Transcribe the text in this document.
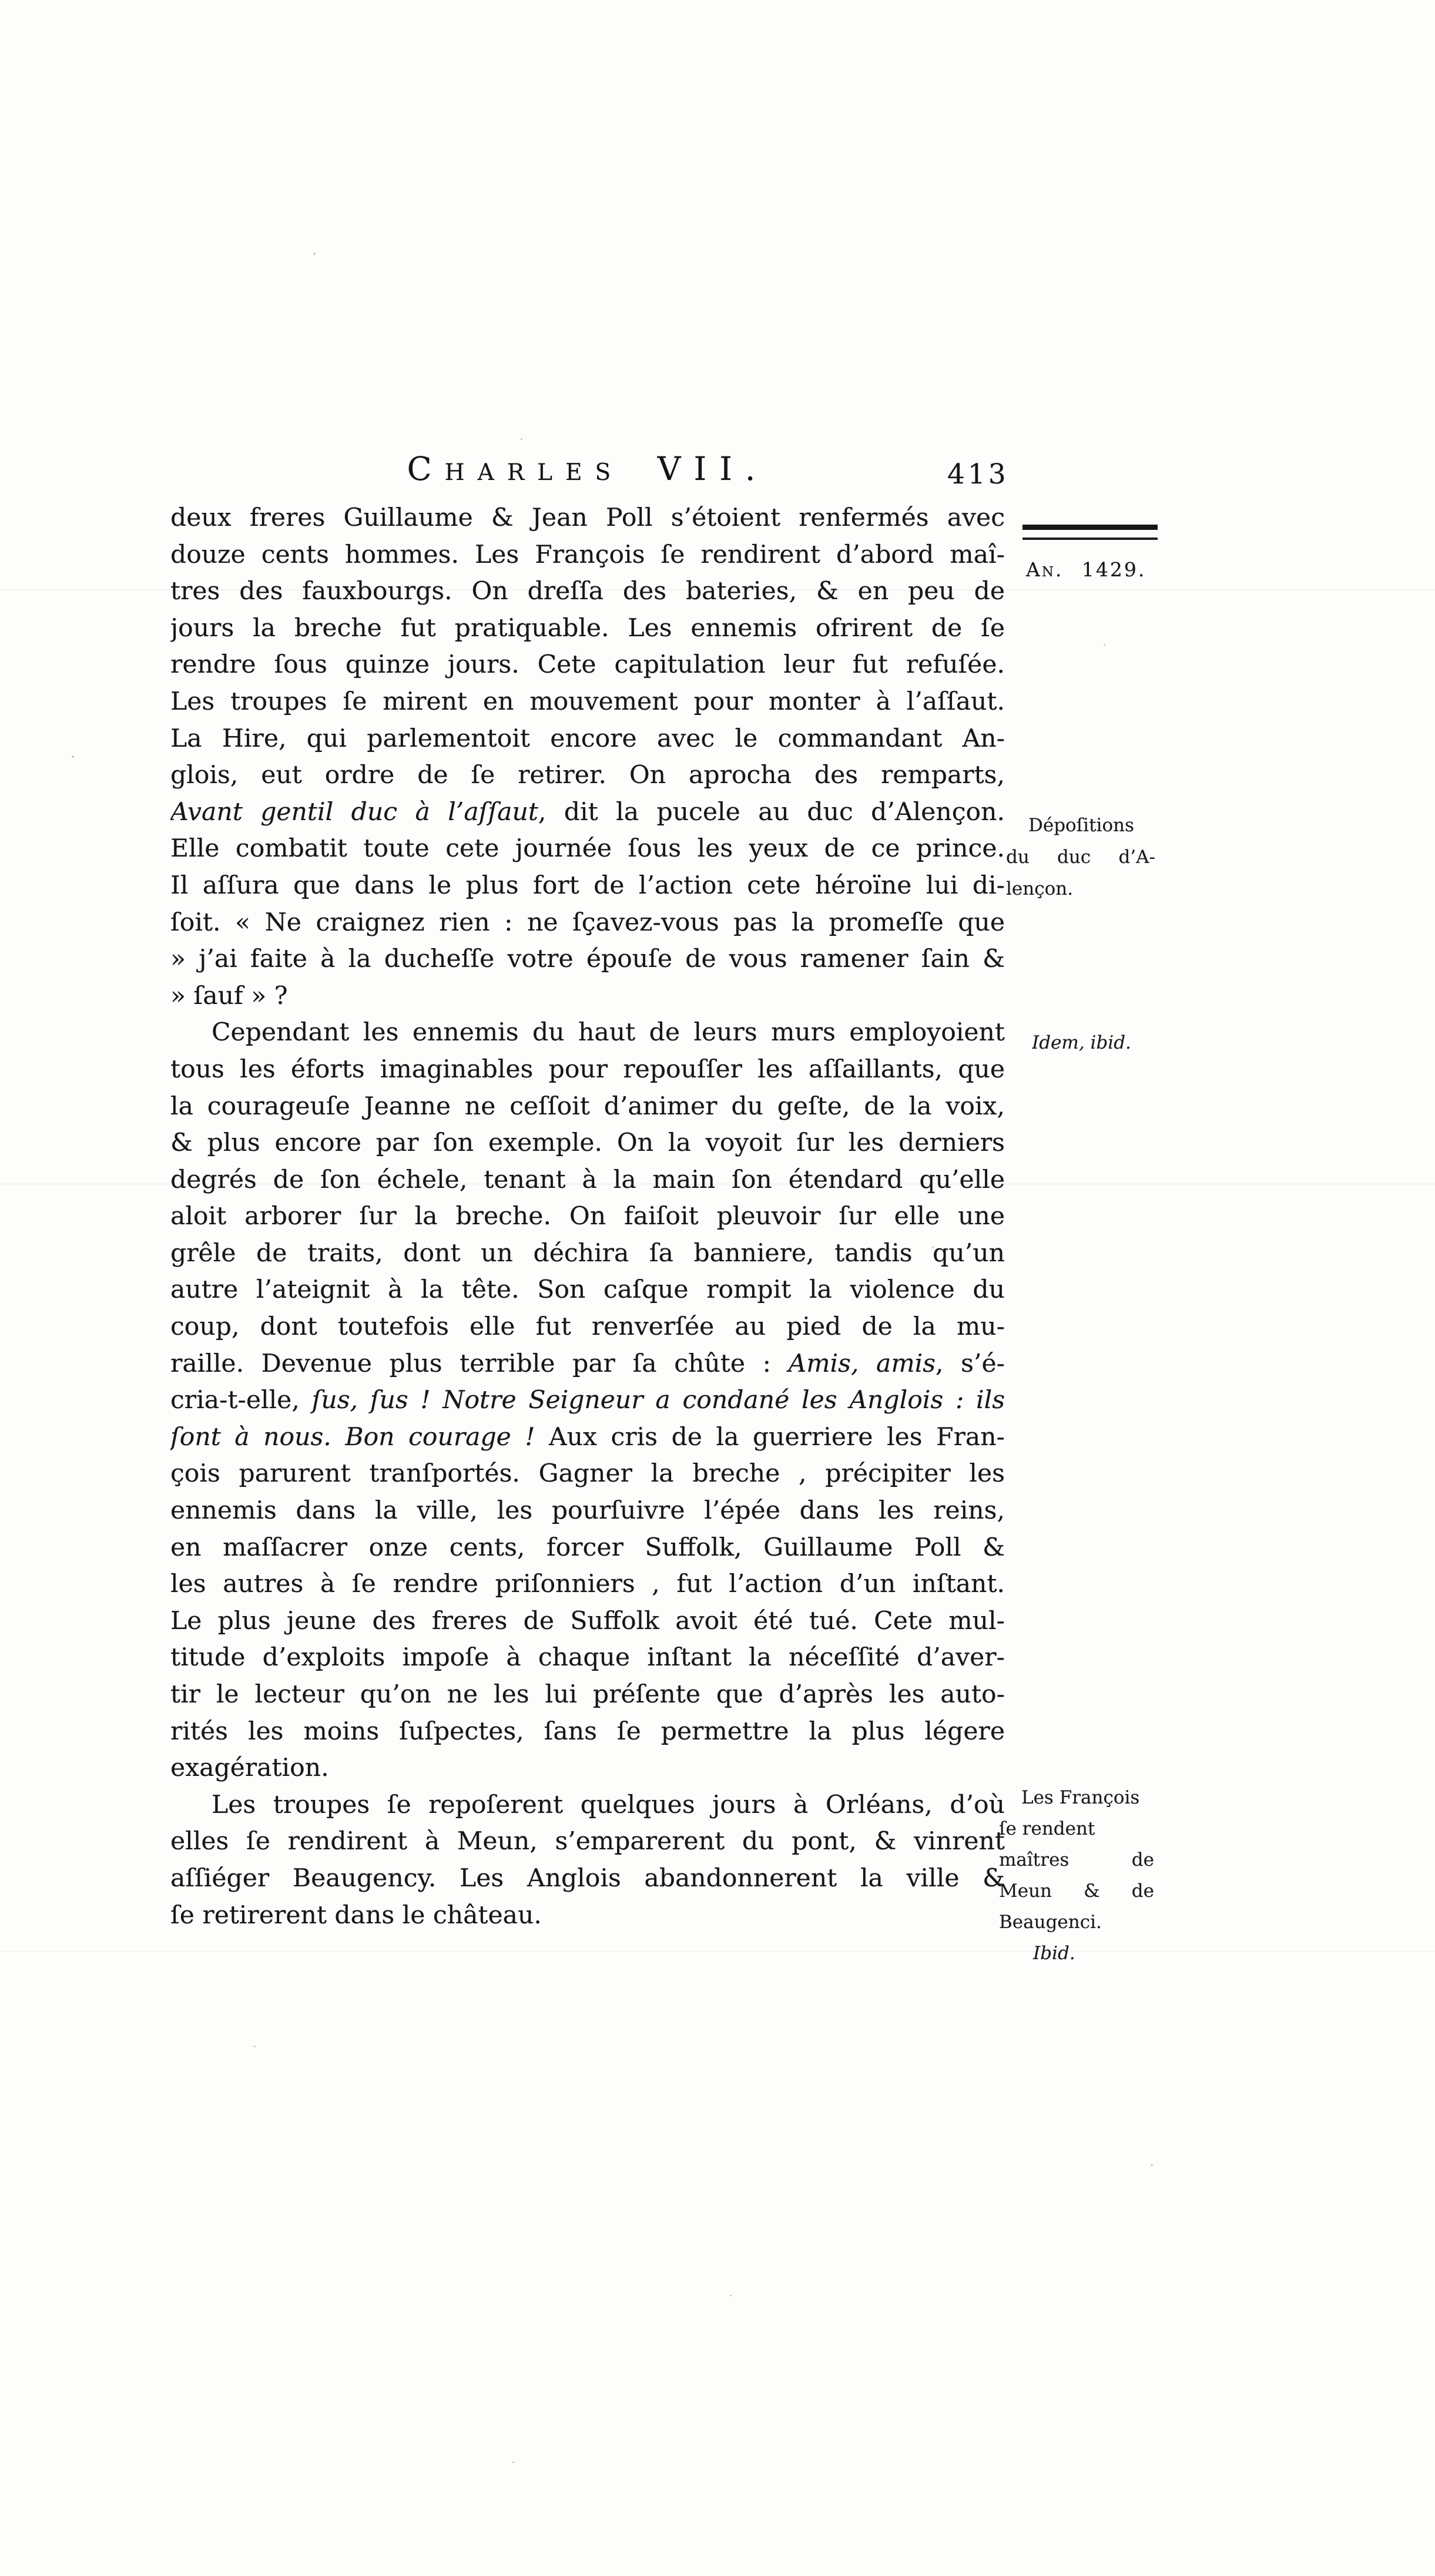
Charles VII.	413
An. 1429.
deux freres Guillaume & Jean Poll s’étoient renfermés avec
douze cents hommes. Les François ſe rendirent d’abord maî-
tres des fauxbourgs. On dreſſa des bateries, & en peu de
jours la breche fut pratiquable. Les ennemis ofrirent de ſe
rendre ſous quinze jours. Cete capitulation leur fut refuſée.
Les troupes ſe mirent en mouvement pour monter à l’aſſaut.
La Hire, qui parlementoit encore avec le commandant An-
glois, eut ordre de ſe retirer. On aprocha des remparts,
Avant gentil duc à l’aſſaut, dit la pucele au duc d’Alençon.
Elle combatit toute cete journée ſous les yeux de ce prince.
Il aſſura que dans le plus fort de l’action cete héroïne lui di-
ſoit. « Ne craignez rien : ne ſçavez-vous pas la promeſſe que
» j’ai faite à la ducheſſe votre épouſe de vous ramener ſain &
» ſauf » ?
Cependant les ennemis du haut de leurs murs employoient
tous les éforts imaginables pour repouſſer les aſſaillants, que
la courageuſe Jeanne ne ceſſoit d’animer du geſte, de la voix,
& plus encore par ſon exemple. On la voyoit ſur les derniers
degrés de ſon échele, tenant à la main ſon étendard qu’elle
aloit arborer ſur la breche. On faiſoit pleuvoir ſur elle une
grêle de traits, dont un déchira ſa banniere, tandis qu’un
autre l’ateignit à la tête. Son caſque rompit la violence du
coup, dont toutefois elle fut renverſée au pied de la mu-
raille. Devenue plus terrible par ſa chûte : Amis, amis, s’é-
cria-t-elle, ſus, ſus ! Notre Seigneur a condané les Anglois : ils
ſont à nous. Bon courage ! Aux cris de la guerriere les Fran-
çois parurent tranſportés. Gagner la breche , précipiter les
ennemis dans la ville, les pourſuivre l’épée dans les reins,
en maſſacrer onze cents, forcer Suffolk, Guillaume Poll &
les autres à ſe rendre priſonniers , fut l’action d’un inſtant.
Le plus jeune des freres de Suffolk avoit été tué. Cete mul-
titude d’exploits impoſe à chaque inſtant la néceſſité d’aver-
tir le lecteur qu’on ne les lui préſente que d’après les auto-
rités les moins ſuſpectes, ſans ſe permettre la plus légere
exagération.
Les troupes ſe repoſerent quelques jours à Orléans, d’où
elles ſe rendirent à Meun, s’emparerent du pont, & vinrent
aſſiéger Beaugency. Les Anglois abandonnerent la ville &
ſe retirerent dans le château.
Dépoſitions
du duc d’A-
lençon.
Idem, ibid.
Les François
ſe rendent
maîtres de
Meun & de
Beaugenci.
Ibid.
